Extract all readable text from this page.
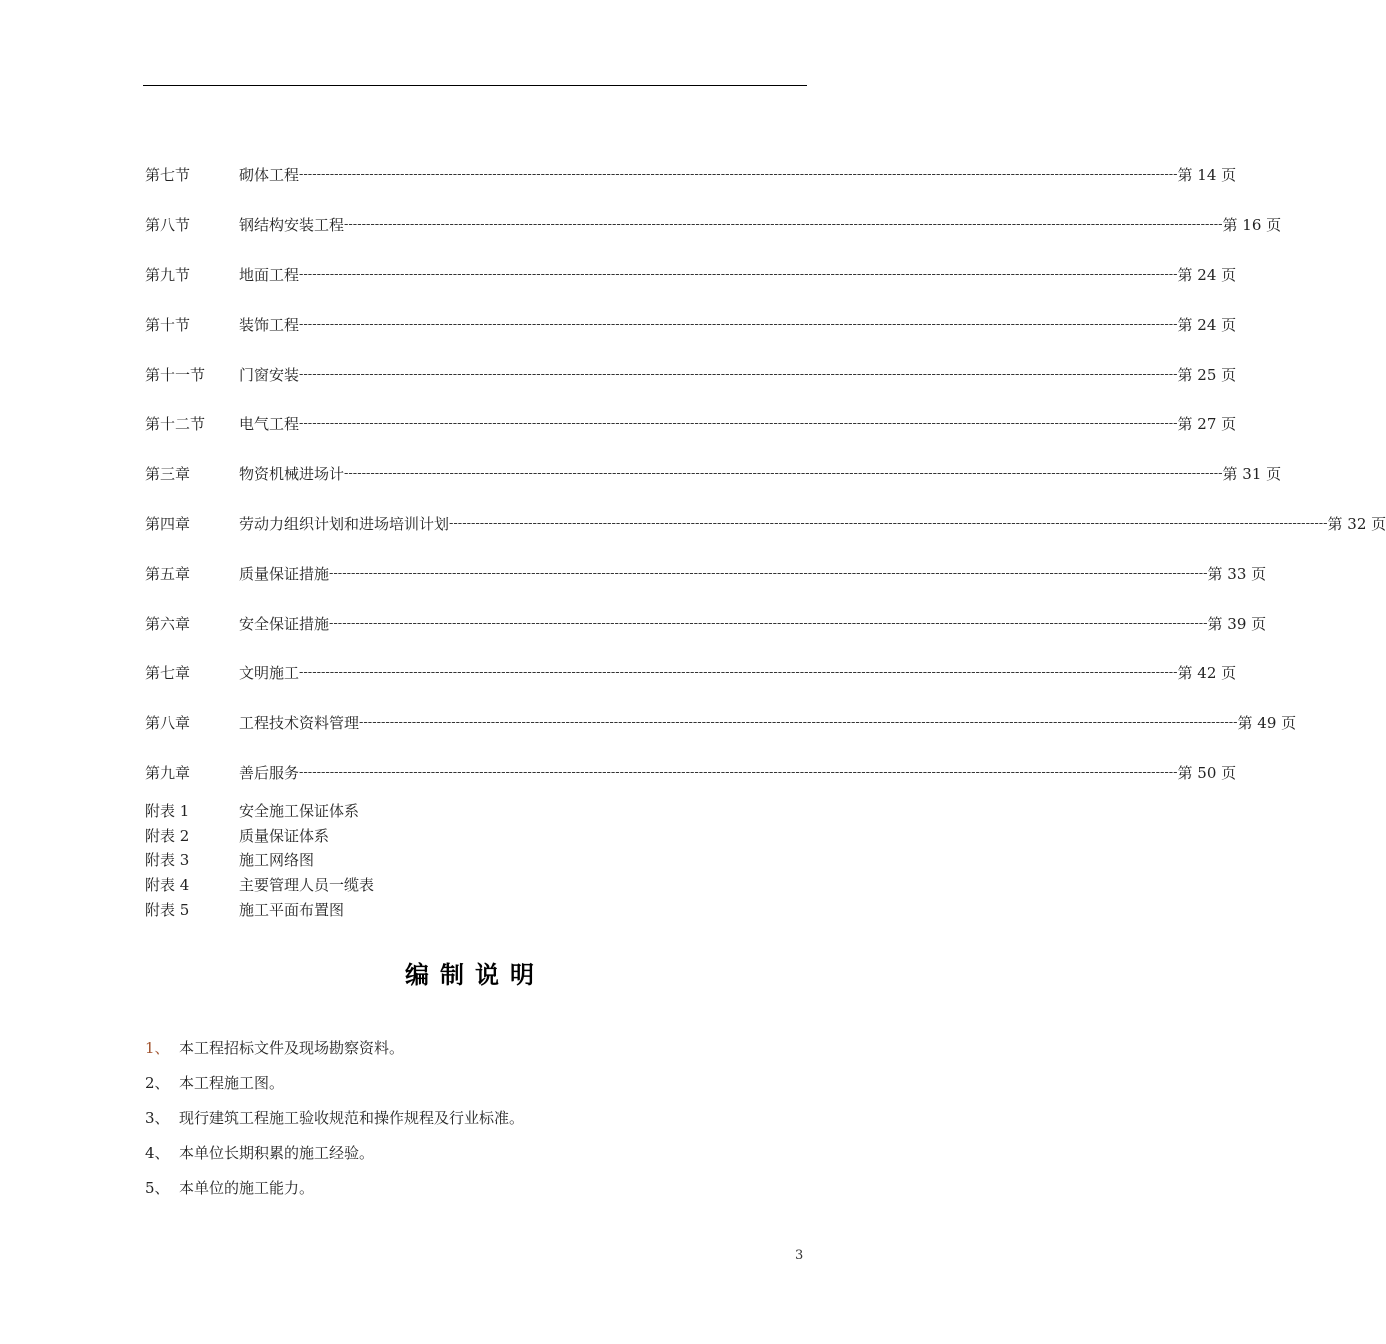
第七节	砌体工程 -------------------------------------------------------------------------------------------------------------------------------------------------------------------------------------------------------- 第 14 页
第八节	钢结构安装工程 -------------------------------------------------------------------------------------------------------------------------------------------------------------------------------------------------------- 第 16 页
第九节	地面工程 -------------------------------------------------------------------------------------------------------------------------------------------------------------------------------------------------------- 第 24 页
第十节	装饰工程 -------------------------------------------------------------------------------------------------------------------------------------------------------------------------------------------------------- 第 24 页
第十一节	门窗安装 -------------------------------------------------------------------------------------------------------------------------------------------------------------------------------------------------------- 第 25 页
第十二节	电气工程 -------------------------------------------------------------------------------------------------------------------------------------------------------------------------------------------------------- 第 27 页
第三章	物资机械进场计 -------------------------------------------------------------------------------------------------------------------------------------------------------------------------------------------------------- 第 31 页
第四章	劳动力组织计划和进场培训计划 -------------------------------------------------------------------------------------------------------------------------------------------------------------------------------------------------------- 第 32 页
第五章	质量保证措施 -------------------------------------------------------------------------------------------------------------------------------------------------------------------------------------------------------- 第 33 页
第六章	安全保证措施 -------------------------------------------------------------------------------------------------------------------------------------------------------------------------------------------------------- 第 39 页
第七章	文明施工 -------------------------------------------------------------------------------------------------------------------------------------------------------------------------------------------------------- 第 42 页
第八章	工程技术资料管理 -------------------------------------------------------------------------------------------------------------------------------------------------------------------------------------------------------- 第 49 页
第九章	善后服务 -------------------------------------------------------------------------------------------------------------------------------------------------------------------------------------------------------- 第 50 页
附表 1	安全施工保证体系
附表 2	质量保证体系
附表 3	施工网络图
附表 4	主要管理人员一缆表
附表 5	施工平面布置图
编制说明
1、 本工程招标文件及现场勘察资料。
2、 本工程施工图。
3、 现行建筑工程施工验收规范和操作规程及行业标准。
4、 本单位长期积累的施工经验。
5、 本单位的施工能力。
3
